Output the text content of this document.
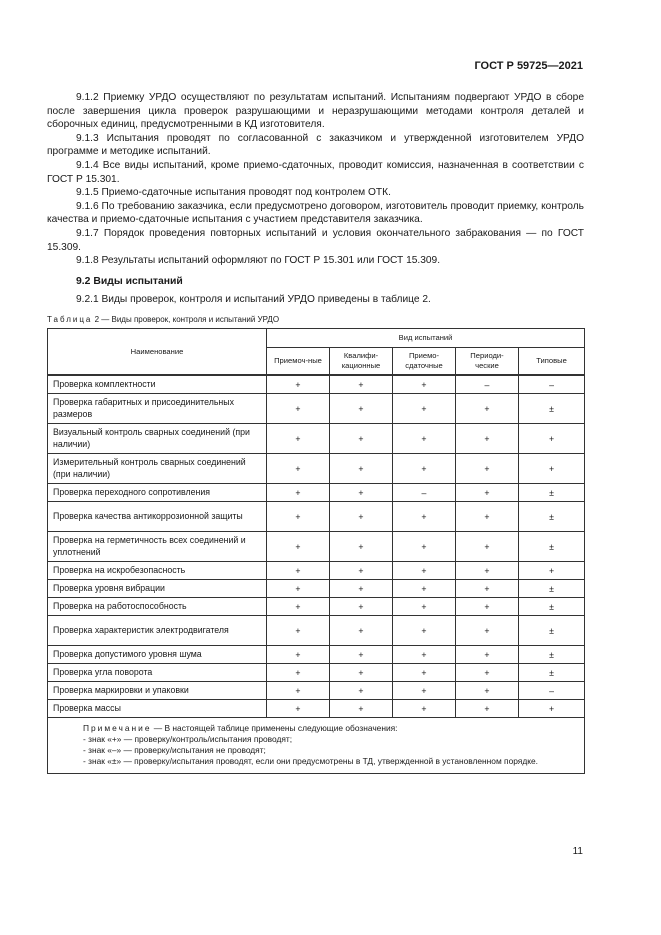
ГОСТ Р 59725—2021

9.1.2 Приемку УРДО осуществляют по результатам испытаний. Испытаниям подвергают УРДО в сборе после завершения цикла проверок разрушающими и неразрушающими методами контроля деталей и сборочных единиц, предусмотренными в КД изготовителя.

9.1.3 Испытания проводят по согласованной с заказчиком и утвержденной изготовителем УРДО программе и методике испытаний.

9.1.4 Все виды испытаний, кроме приемо-сдаточных, проводит комиссия, назначенная в соответствии с ГОСТ Р 15.301.

9.1.5 Приемо-сдаточные испытания проводят под контролем ОТК.

9.1.6 По требованию заказчика, если предусмотрено договором, изготовитель проводит приемку, контроль качества и приемо-сдаточные испытания с участием представителя заказчика.

9.1.7 Порядок проведения повторных испытаний и условия окончательного забракования — по ГОСТ 15.309.

9.1.8 Результаты испытаний оформляют по ГОСТ Р 15.301 или ГОСТ 15.309.

9.2 Виды испытаний

9.2.1 Виды проверок, контроля и испытаний УРДО приведены в таблице 2.

Таблица 2 — Виды проверок, контроля и испытаний УРДО
Наименование	Вид испытаний				
	Приемоч-ные	Квалифи-кационные	Приемо-сдаточные	Периоди-ческие	Типовые
Проверка комплектности	+	+	+	–	–
Проверка габаритных и присоединительных размеров	+	+	+	+	±
Визуальный контроль сварных соединений (при наличии)	+	+	+	+	+
Измерительный контроль сварных соединений (при наличии)	+	+	+	+	+
Проверка переходного сопротивления	+	+	–	+	±
Проверка качества антикоррозионной защиты	+	+	+	+	±
Проверка на герметичность всех соединений и уплотнений	+	+	+	+	±
Проверка на искробезопасность	+	+	+	+	+
Проверка уровня вибрации	+	+	+	+	±
Проверка на работоспособность	+	+	+	+	±
Проверка характеристик электродвигателя	+	+	+	+	±
Проверка допустимого уровня шума	+	+	+	+	±
Проверка угла поворота	+	+	+	+	±
Проверка маркировки и упаковки	+	+	+	+	–
Проверка массы	+	+	+	+	+

Примечание — В настоящей таблице применены следующие обозначения:
- знак «+» — проверку/контроль/испытания проводят;
- знак «–» — проверку/испытания не проводят;
- знак «±» — проверку/испытания проводят, если они предусмотрены в ТД, утвержденной в установленном порядке.					
11
